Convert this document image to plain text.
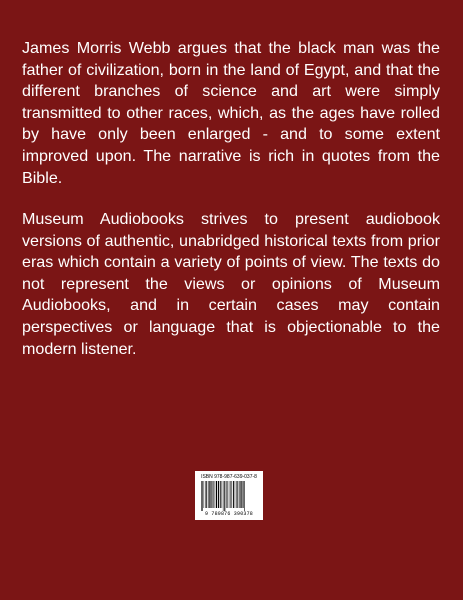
James Morris Webb argues that the black man was the father of civilization, born in the land of Egypt, and that the different branches of science and art were simply transmitted to other races, which, as the ages have rolled by have only been enlarged - and to some extent improved upon. The narrative is rich in quotes from the Bible.

Museum Audiobooks strives to present audiobook versions of authentic, unabridged historical texts from prior eras which contain a variety of points of view. The texts do not represent the views or opinions of Museum Audiobooks, and in certain cases may contain perspectives or language that is objectionable to the modern listener.

ISBN 978-987-639-037-8
9 789876 390378
